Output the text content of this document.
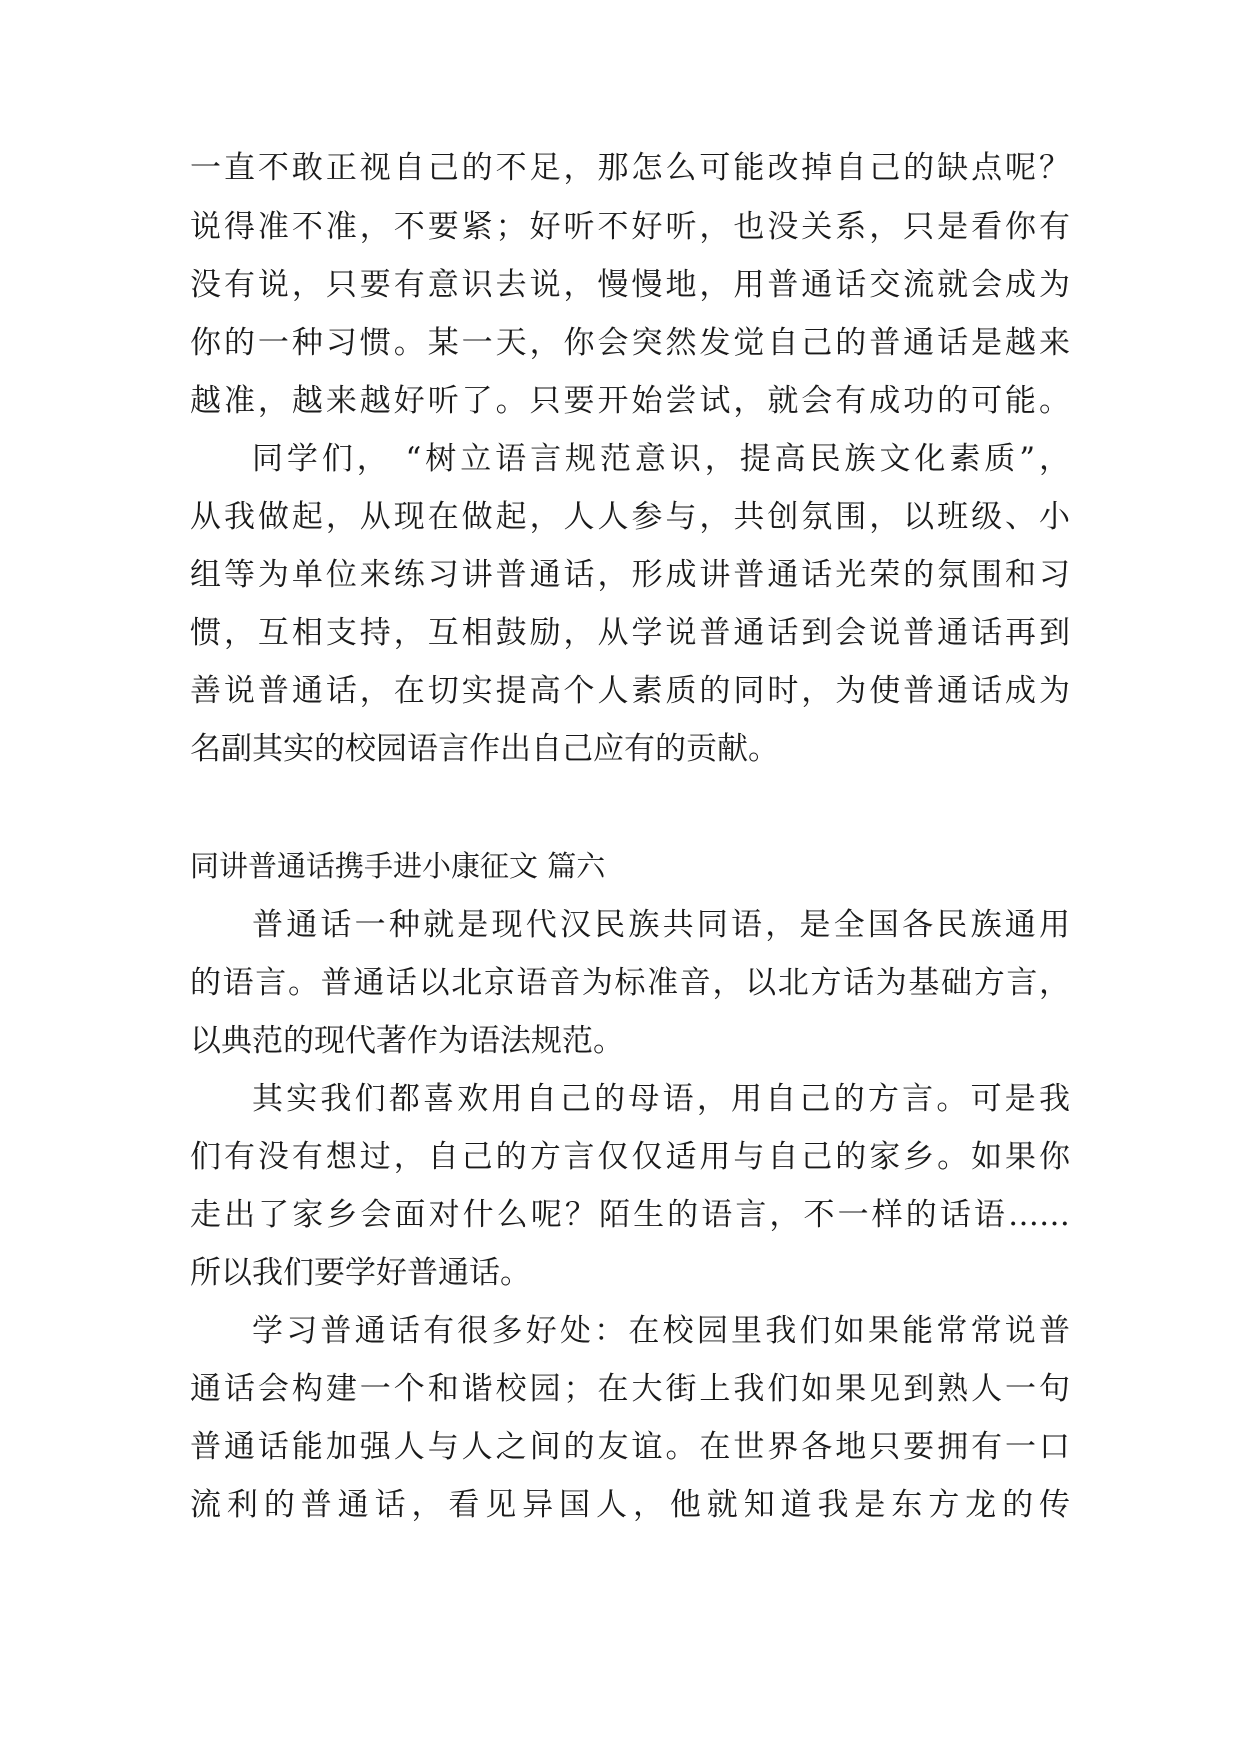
一直不敢正视自己的不足，那怎么可能改掉自己的缺点呢？
说得准不准，不要紧；好听不好听，也没关系，只是看你有
没有说，只要有意识去说，慢慢地，用普通话交流就会成为
你的一种习惯。某一天，你会突然发觉自己的普通话是越来
越准，越来越好听了。只要开始尝试，就会有成功的可能。
同学们， “树立语言规范意识，提高民族文化素质”，
从我做起，从现在做起，人人参与，共创氛围，以班级、小
组等为单位来练习讲普通话，形成讲普通话光荣的氛围和习
惯，互相支持，互相鼓励，从学说普通话到会说普通话再到
善说普通话，在切实提高个人素质的同时，为使普通话成为
名副其实的校园语言作出自己应有的贡献。
同讲普通话携手进小康征文 篇六
普通话一种就是现代汉民族共同语，是全国各民族通用
的语言。普通话以北京语音为标准音，以北方话为基础方言，
以典范的现代著作为语法规范。
其实我们都喜欢用自己的母语，用自己的方言。可是我
们有没有想过，自己的方言仅仅适用与自己的家乡。如果你
走出了家乡会面对什么呢？陌生的语言，不一样的话语……
所以我们要学好普通话。
学习普通话有很多好处：在校园里我们如果能常常说普
通话会构建一个和谐校园；在大街上我们如果见到熟人一句
普通话能加强人与人之间的友谊。在世界各地只要拥有一口
流利的普通话，看见异国人，他就知道我是东方龙的传
